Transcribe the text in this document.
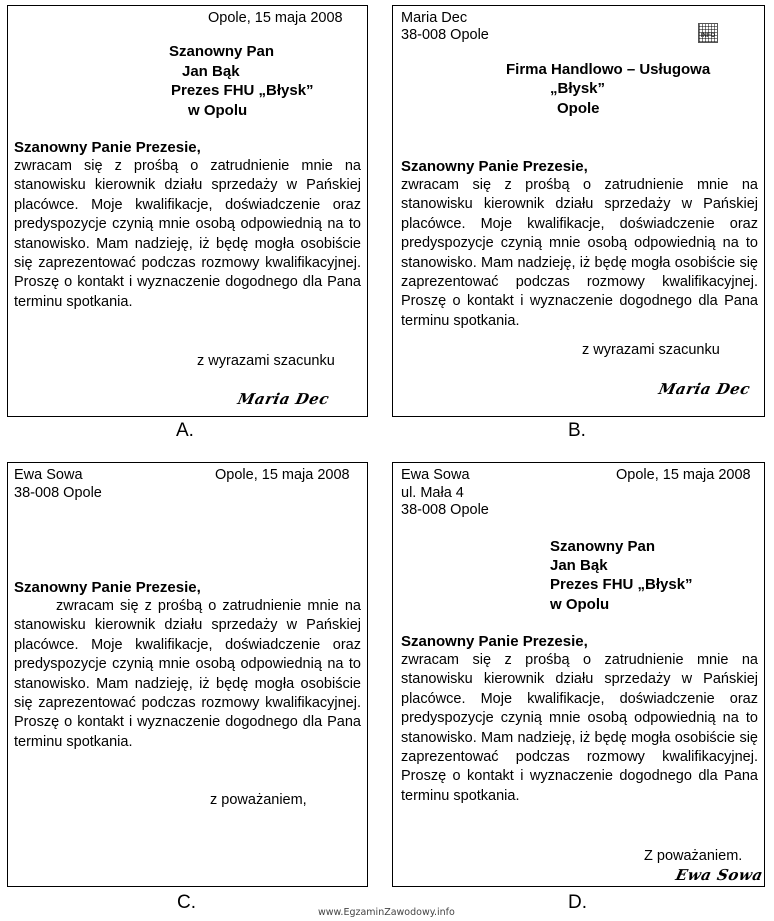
Opole, 15 maja 2008
Szanowny Pan
Jan Bąk
Prezes FHU „Błysk”
w Opolu
Szanowny Panie Prezesie,
zwracam się z prośbą o zatrudnienie mnie na stanowisku kierownik działu sprzedaży w Pańskiej placówce. Moje kwalifikacje, doświadczenie oraz predyspozycje czynią mnie osobą odpowiednią na to stanowisko. Mam nadzieję, iż będę mogła osobiście się zaprezentować podczas rozmowy kwalifikacyjnej. Proszę o kontakt i wyznaczenie dogodnego dla Pana terminu spotkania.
z wyrazami szacunku
Maria Dec
A.
Maria Dec
38-008 Opole	INFO
Firma Handlowo – Usługowa
„Błysk”
Opole
Szanowny Panie Prezesie,
zwracam się z prośbą o zatrudnienie mnie na stanowisku kierownik działu sprzedaży w Pańskiej placówce. Moje kwalifikacje, doświadczenie oraz predyspozycje czynią mnie osobą odpowiednią na to stanowisko. Mam nadzieję, iż będę mogła osobiście się zaprezentować podczas rozmowy kwalifikacyjnej. Proszę o kontakt i wyznaczenie dogodnego dla Pana terminu spotkania.
z wyrazami szacunku
Maria Dec
B.
Ewa Sowa
38-008 Opole
Opole, 15 maja 2008
Szanowny Panie Prezesie,
zwracam się z prośbą o zatrudnienie mnie na stanowisku kierownik działu sprzedaży w Pańskiej placówce. Moje kwalifikacje, doświadczenie oraz predyspozycje czynią mnie osobą odpowiednią na to stanowisko. Mam nadzieję, iż będę mogła osobiście się zaprezentować podczas rozmowy kwalifikacyjnej. Proszę o kontakt i wyznaczenie dogodnego dla Pana terminu spotkania.
z poważaniem,
C.
Ewa Sowa
ul. Mała 4
38-008 Opole
Opole, 15 maja 2008
Szanowny Pan
Jan Bąk
Prezes FHU „Błysk”
w Opolu
Szanowny Panie Prezesie,
zwracam się z prośbą o zatrudnienie mnie na stanowisku kierownik działu sprzedaży w Pańskiej placówce. Moje kwalifikacje, doświadczenie oraz predyspozycje czynią mnie osobą odpowiednią na to stanowisko. Mam nadzieję, iż będę mogła osobiście się zaprezentować podczas rozmowy kwalifikacyjnej. Proszę o kontakt i wyznaczenie dogodnego dla Pana terminu spotkania.
Z poważaniem.
Ewa Sowa
D.
www.EgzaminZawodowy.info
